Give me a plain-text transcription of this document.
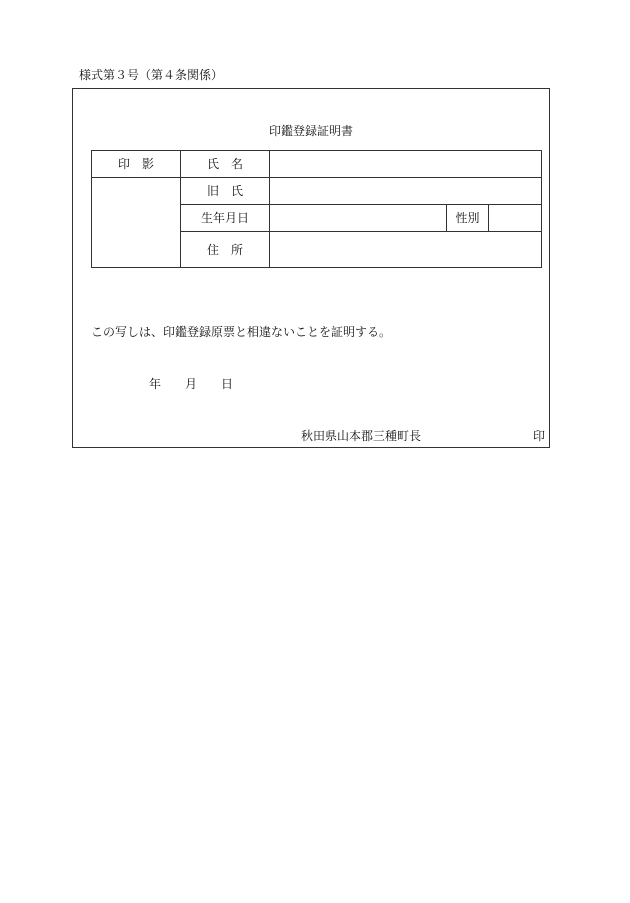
様式第３号（第４条関係）
印鑑登録証明書
印　影	氏　名			

	旧　氏			
	生年月日		性別	
	住　所			
この写しは、印鑑登録原票と相違ないことを証明する。
年 月 日
秋田県山本郡三種町長	印
